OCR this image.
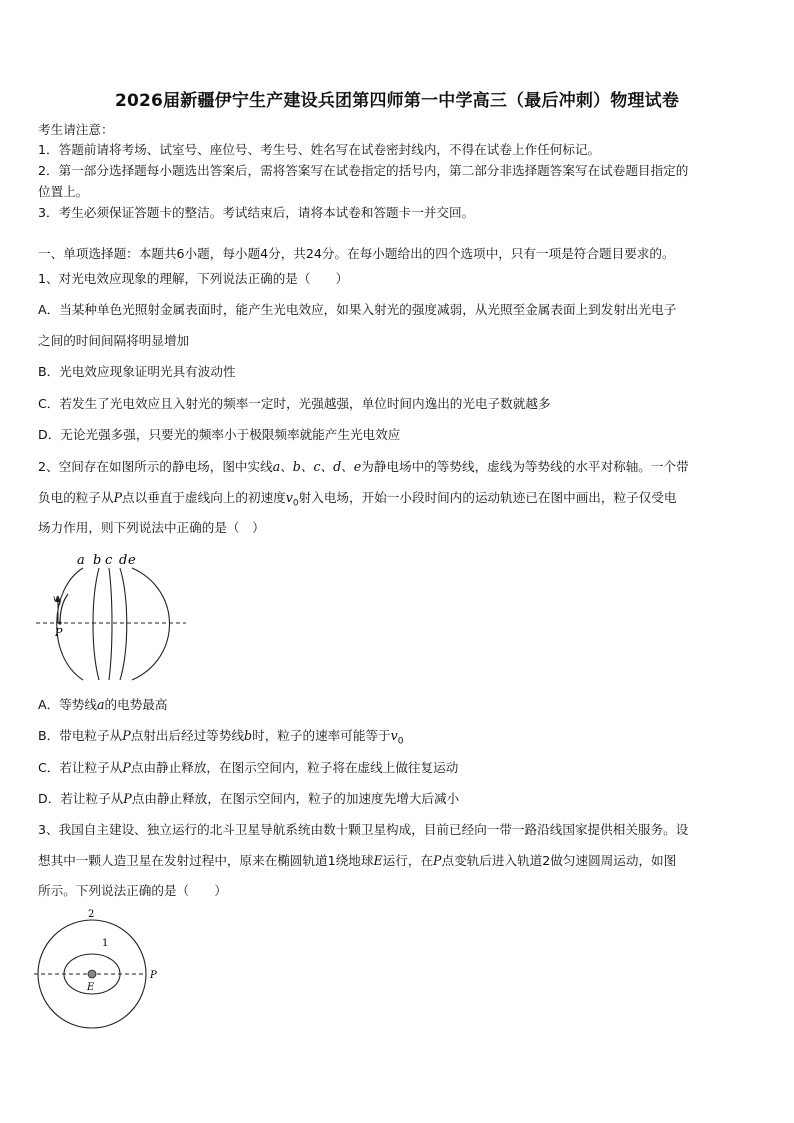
2026届新疆伊宁生产建设兵团第四师第一中学高三（最后冲刺）物理试卷
考生请注意：
1．答题前请将考场、试室号、座位号、考生号、姓名写在试卷密封线内，不得在试卷上作任何标记。
2．第一部分选择题每小题选出答案后，需将答案写在试卷指定的括号内，第二部分非选择题答案写在试卷题目指定的
位置上。
3．考生必须保证答题卡的整洁。考试结束后，请将本试卷和答题卡一并交回。
一、单项选择题：本题共6小题，每小题4分，共24分。在每小题给出的四个选项中，只有一项是符合题目要求的。
1、对光电效应现象的理解，下列说法正确的是（　　）
A．当某种单色光照射金属表面时，能产生光电效应，如果入射光的强度减弱，从光照至金属表面上到发射出光电子
之间的时间间隔将明显增加
B．光电效应现象证明光具有波动性
C．若发生了光电效应且入射光的频率一定时，光强越强，单位时间内逸出的光电子数就越多
D．无论光强多强，只要光的频率小于极限频率就能产生光电效应
2、空间存在如图所示的静电场，图中实线a、b、c、d、e为静电场中的等势线，虚线为等势线的水平对称轴。一个带
负电的粒子从P点以垂直于虚线向上的初速度$v_0$射入电场，开始一小段时间内的运动轨迹已在图中画出，粒子仅受电
场力作用，则下列说法中正确的是（　）
a b c d e
v
0
P
A．等势线a的电势最高
B．带电粒子从P点射出后经过等势线b时，粒子的速率可能等于$v_0$
C．若让粒子从P点由静止释放，在图示空间内，粒子将在虚线上做往复运动
D．若让粒子从P点由静止释放，在图示空间内，粒子的加速度先增大后减小
3、我国自主建设、独立运行的北斗卫星导航系统由数十颗卫星构成，目前已经向一带一路沿线国家提供相关服务。设
想其中一颗人造卫星在发射过程中，原来在椭圆轨道1绕地球E运行，在P点变轨后进入轨道2做匀速圆周运动，如图
所示。下列说法正确的是（　　）
2
1
E
P
